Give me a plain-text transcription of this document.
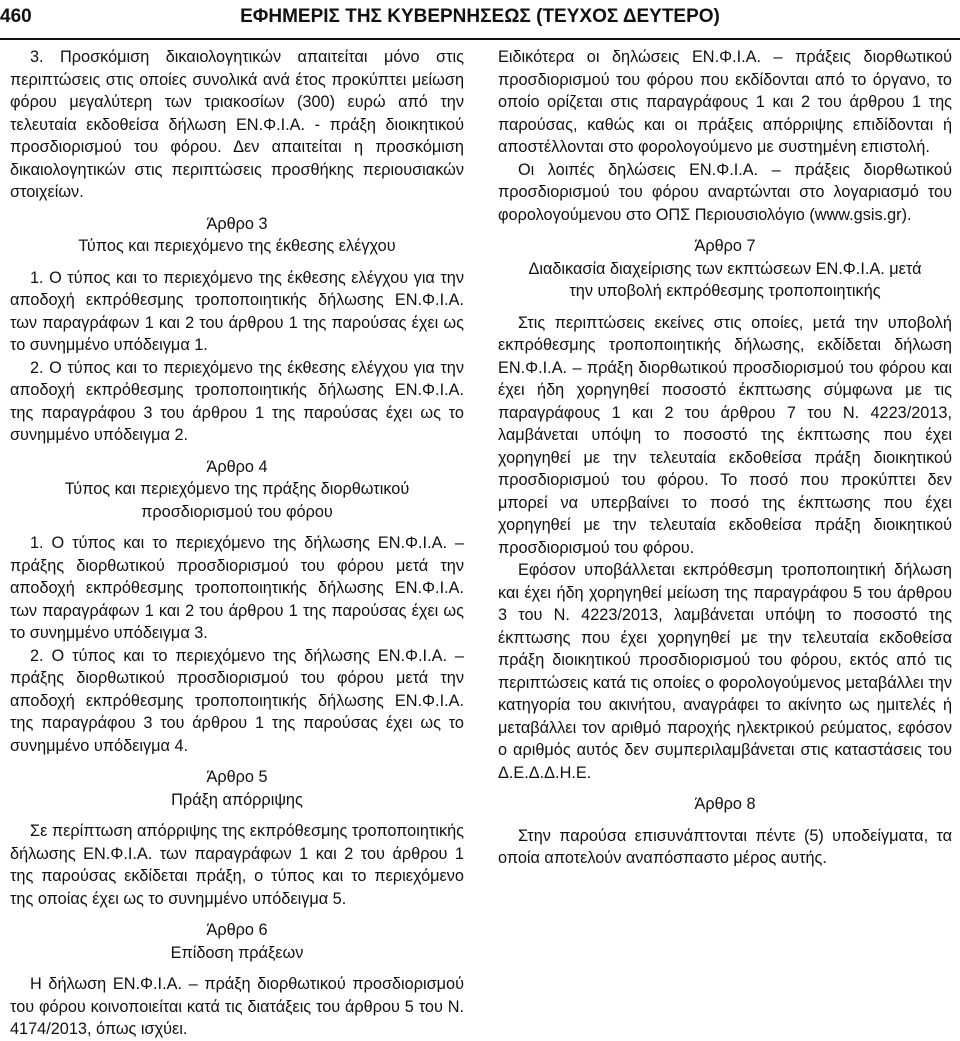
460	ΕΦΗΜΕΡΙΣ ΤΗΣ ΚΥΒΕΡΝΗΣΕΩΣ (ΤΕΥΧΟΣ ΔΕΥΤΕΡΟ)

3. Προσκόμιση δικαιολογητικών απαιτείται μόνο στις περιπτώσεις στις οποίες συνολικά ανά έτος προκύπτει μείωση φόρου μεγαλύτερη των τριακοσίων (300) ευρώ από την τελευταία εκδοθείσα δήλωση ΕΝ.Φ.Ι.Α. - πράξη διοικητικού προσδιορισμού του φόρου. Δεν απαιτείται η προσκόμιση δικαιολογητικών στις περιπτώσεις προσθήκης περιουσιακών στοιχείων.

Άρθρο 3
Τύπος και περιεχόμενο της έκθεσης ελέγχου

1. Ο τύπος και το περιεχόμενο της έκθεσης ελέγχου για την αποδοχή εκπρόθεσμης τροποποιητικής δήλωσης ΕΝ.Φ.Ι.Α. των παραγράφων 1 και 2 του άρθρου 1 της παρούσας έχει ως το συνημμένο υπόδειγμα 1.

2. Ο τύπος και το περιεχόμενο της έκθεσης ελέγχου για την αποδοχή εκπρόθεσμης τροποποιητικής δήλωσης ΕΝ.Φ.Ι.Α. της παραγράφου 3 του άρθρου 1 της παρούσας έχει ως το συνημμένο υπόδειγμα 2.

Άρθρο 4
Τύπος και περιεχόμενο της πράξης διορθωτικού
προσδιορισμού του φόρου

1. Ο τύπος και το περιεχόμενο της δήλωσης ΕΝ.Φ.Ι.Α. – πράξης διορθωτικού προσδιορισμού του φόρου μετά την αποδοχή εκπρόθεσμης τροποποιητικής δήλωσης ΕΝ.Φ.Ι.Α. των παραγράφων 1 και 2 του άρθρου 1 της παρούσας έχει ως το συνημμένο υπόδειγμα 3.

2. Ο τύπος και το περιεχόμενο της δήλωσης ΕΝ.Φ.Ι.Α. – πράξης διορθωτικού προσδιορισμού του φόρου μετά την αποδοχή εκπρόθεσμης τροποποιητικής δήλωσης ΕΝ.Φ.Ι.Α. της παραγράφου 3 του άρθρου 1 της παρούσας έχει ως το συνημμένο υπόδειγμα 4.

Άρθρο 5
Πράξη απόρριψης

Σε περίπτωση απόρριψης της εκπρόθεσμης τροποποιητικής δήλωσης ΕΝ.Φ.Ι.Α. των παραγράφων 1 και 2 του άρθρου 1 της παρούσας εκδίδεται πράξη, ο τύπος και το περιεχόμενο της οποίας έχει ως το συνημμένο υπόδειγμα 5.

Άρθρο 6
Επίδοση πράξεων

Η δήλωση ΕΝ.Φ.Ι.Α. – πράξη διορθωτικού προσδιορισμού του φόρου κοινοποιείται κατά τις διατάξεις του άρθρου 5 του Ν. 4174/2013, όπως ισχύει.

Ειδικότερα οι δηλώσεις ΕΝ.Φ.Ι.Α. – πράξεις διορθωτικού προσδιορισμού του φόρου που εκδίδονται από το όργανο, το οποίο ορίζεται στις παραγράφους 1 και 2 του άρθρου 1 της παρούσας, καθώς και οι πράξεις απόρριψης επιδίδονται ή αποστέλλονται στο φορολογούμενο με συστημένη επιστολή.

Οι λοιπές δηλώσεις ΕΝ.Φ.Ι.Α. – πράξεις διορθωτικού προσδιορισμού του φόρου αναρτώνται στο λογαριασμό του φορολογούμενου στο ΟΠΣ Περιουσιολόγιο (www.gsis.gr).

Άρθρο 7
Διαδικασία διαχείρισης των εκπτώσεων ΕΝ.Φ.Ι.Α. μετά
την υποβολή εκπρόθεσμης τροποποιητικής

Στις περιπτώσεις εκείνες στις οποίες, μετά την υποβολή εκπρόθεσμης τροποποιητικής δήλωσης, εκδίδεται δήλωση ΕΝ.Φ.Ι.Α. – πράξη διορθωτικού προσδιορισμού του φόρου και έχει ήδη χορηγηθεί ποσοστό έκπτωσης σύμφωνα με τις παραγράφους 1 και 2 του άρθρου 7 του Ν. 4223/2013, λαμβάνεται υπόψη το ποσοστό της έκπτωσης που έχει χορηγηθεί με την τελευταία εκδοθείσα πράξη διοικητικού προσδιορισμού του φόρου. Το ποσό που προκύπτει δεν μπορεί να υπερβαίνει το ποσό της έκπτωσης που έχει χορηγηθεί με την τελευταία εκδοθείσα πράξη διοικητικού προσδιορισμού του φόρου.

Εφόσον υποβάλλεται εκπρόθεσμη τροποποιητική δήλωση και έχει ήδη χορηγηθεί μείωση της παραγράφου 5 του άρθρου 3 του Ν. 4223/2013, λαμβάνεται υπόψη το ποσοστό της έκπτωσης που έχει χορηγηθεί με την τελευταία εκδοθείσα πράξη διοικητικού προσδιορισμού του φόρου, εκτός από τις περιπτώσεις κατά τις οποίες ο φορολογούμενος μεταβάλλει την κατηγορία του ακινήτου, αναγράφει το ακίνητο ως ημιτελές ή μεταβάλλει τον αριθμό παροχής ηλεκτρικού ρεύματος, εφόσον ο αριθμός αυτός δεν συμπεριλαμβάνεται στις καταστάσεις του Δ.Ε.Δ.Δ.Η.Ε.

Άρθρο 8

Στην παρούσα επισυνάπτονται πέντε (5) υποδείγματα, τα οποία αποτελούν αναπόσπαστο μέρος αυτής.
